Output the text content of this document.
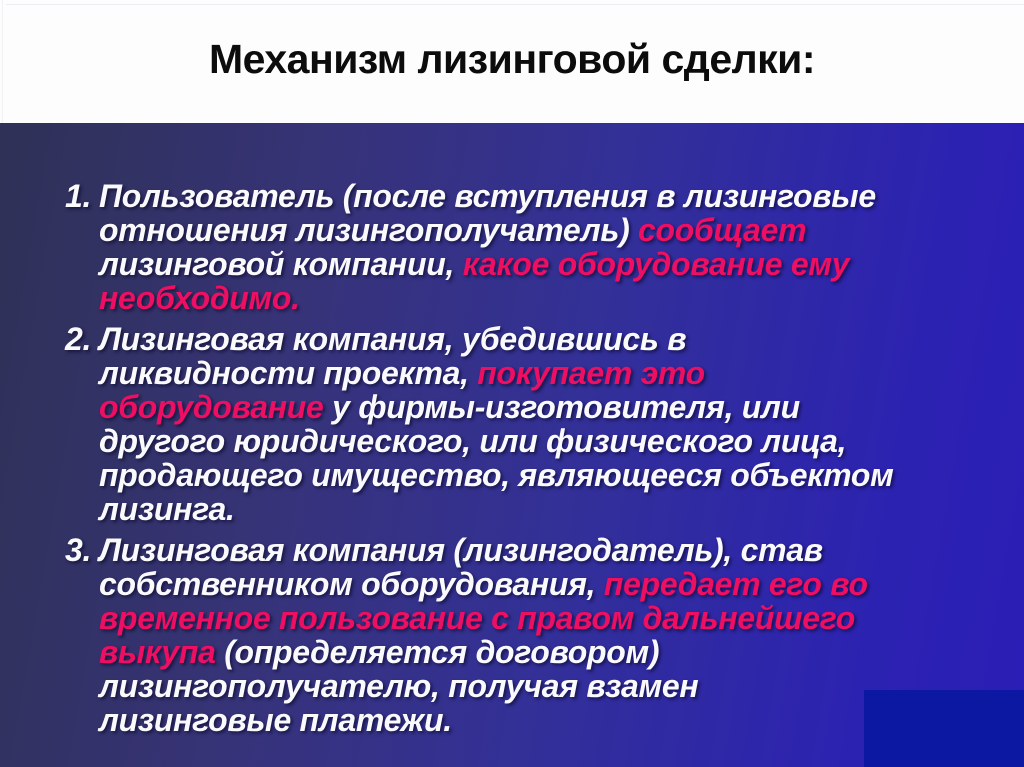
Механизм лизинговой сделки:
1. Пользователь (после вступления в лизинговые
отношения лизингополучатель) сообщает
лизинговой компании, какое оборудование ему
необходимо.
2. Лизинговая компания, убедившись в
ликвидности проекта, покупает это
оборудование у фирмы-изготовителя, или
другого юридического, или физического лица,
продающего имущество, являющееся объектом
лизинга.
3. Лизинговая компания (лизингодатель), став
собственником оборудования, передает его во
временное пользование с правом дальнейшего
выкупа (определяется договором)
лизингополучателю, получая взамен
лизинговые платежи.
